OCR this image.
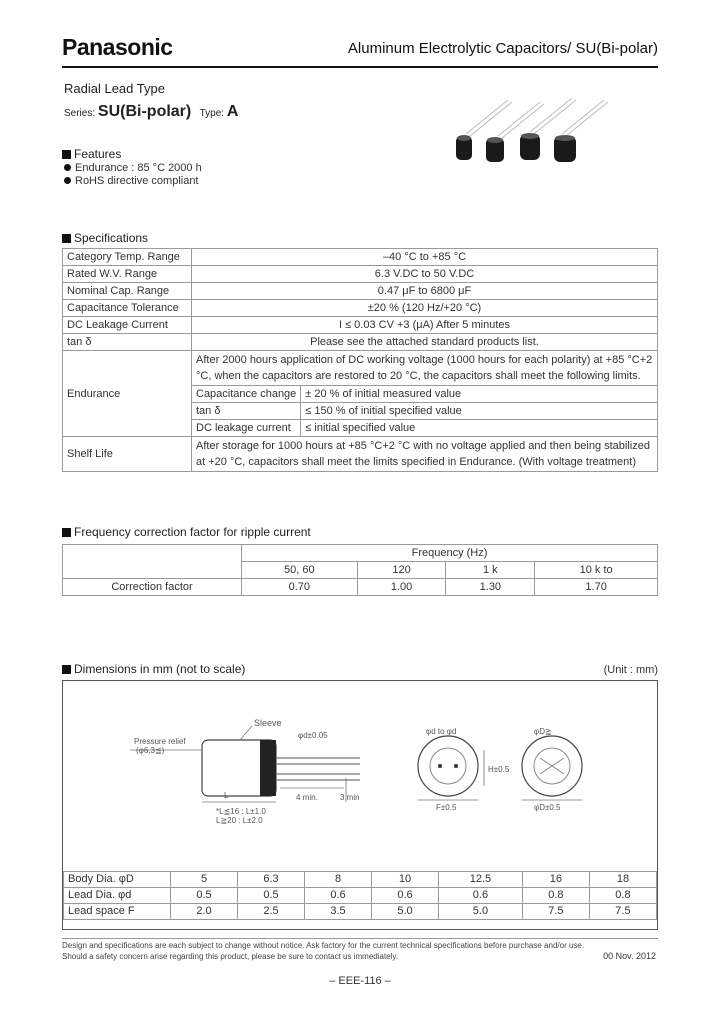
Panasonic	Aluminum Electrolytic Capacitors/ SU(Bi-polar)
Radial Lead Type
Series: SU(Bi-polar) Type: A
Features
Endurance : 85 °C 2000 h
RoHS directive compliant
Specifications
Category Temp. Range	–40 °C to +85 °C	
Rated W.V. Range	6.3 V.DC to 50 V.DC	
Nominal Cap. Range	0.47 μF to 6800 μF	
Capacitance Tolerance	±20 % (120 Hz/+20 °C)	
DC Leakage Current	I ≤ 0.03 CV +3 (μA) After 5 minutes	
tan δ	Please see the attached standard products list.	
Endurance	After 2000 hours application of DC working voltage (1000 hours for each polarity) at +85 °C+2 °C, when the capacitors are restored to 20 °C, the capacitors shall meet the following limits.	
	Capacitance change	± 20 % of initial measured value
	tan δ	≤ 150 % of initial specified value
	DC leakage current	≤ initial specified value
Shelf Life	After storage for 1000 hours at +85 °C+2 °C with no voltage applied and then being stabilized at +20 °C, capacitors shall meet the limits specified in Endurance. (With voltage treatment)	
Frequency correction factor for ripple current
	Frequency (Hz)			
	50, 60	120	1 k	10 k to
Correction factor	0.70	1.00	1.30	1.70
Dimensions in mm (not to scale)	(Unit : mm)
Sleeve
Pressure relief
(φ6.3≦)
φd±0.05
L	4 min.	3 min
*L≦16 : L±1.0
L≧20 : L±2.0
φd to φd
F±0.5
H±0.5
φD≧
φD±0.5
Body Dia. φD	5	6.3	8	10	12.5	16	18
Lead Dia. φd	0.5	0.5	0.6	0.6	0.6	0.8	0.8
Lead space F	2.0	2.5	3.5	5.0	5.0	7.5	7.5
Design and specifications are each subject to change without notice. Ask factory for the current technical specifications before purchase and/or use.
Should a safety concern arise regarding this product, please be sure to contact us immediately.	00 Nov. 2012
– EEE-116 –
